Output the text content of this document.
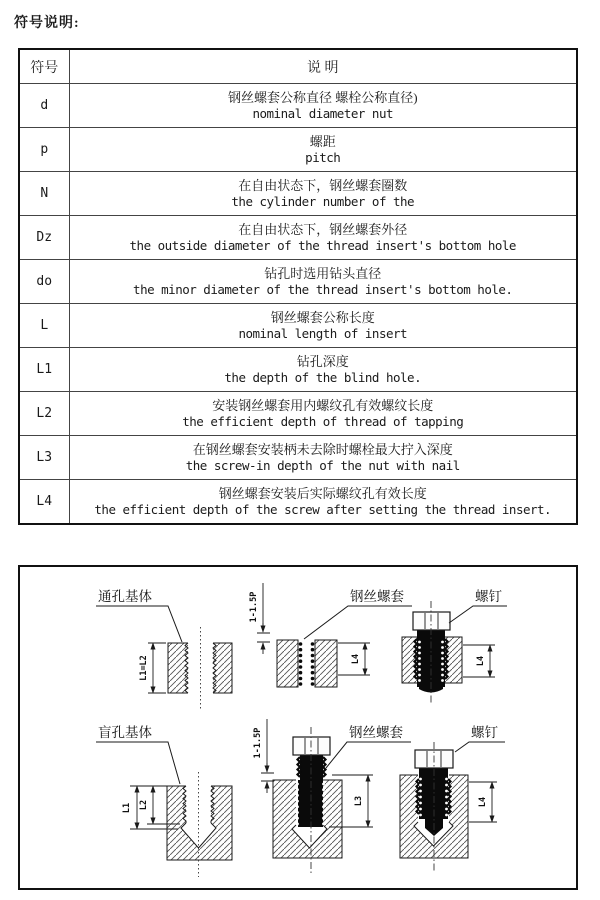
符号说明:
符号	说 明
d	钢丝螺套公称直径 螺栓公称直径)
nominal diameter nut

p	螺距
pitch

N	在自由状态下，钢丝螺套圈数
the cylinder number of the

Dz	在自由状态下，钢丝螺套外径
the outside diameter of the thread insert's bottom hole

do	钻孔时选用钻头直径
the minor diameter of the thread insert's bottom hole.

L	钢丝螺套公称长度
nominal length of insert

L1	钻孔深度
the depth of the blind hole.

L2	安装钢丝螺套用内螺纹孔有效螺纹长度
the efficient depth of thread of tapping

L3	在钢丝螺套安装柄未去除时螺栓最大拧入深度
the screw-in depth of the nut with nail

L4	钢丝螺套安装后实际螺纹孔有效长度
the efficient depth of the screw after setting the thread insert.
通孔基体
L1=L2
1-1.5P
L4
钢丝螺套
L4
螺钉
盲孔基体
L1 L2
1-1.5P
L3
钢丝螺套
L4
螺钉
